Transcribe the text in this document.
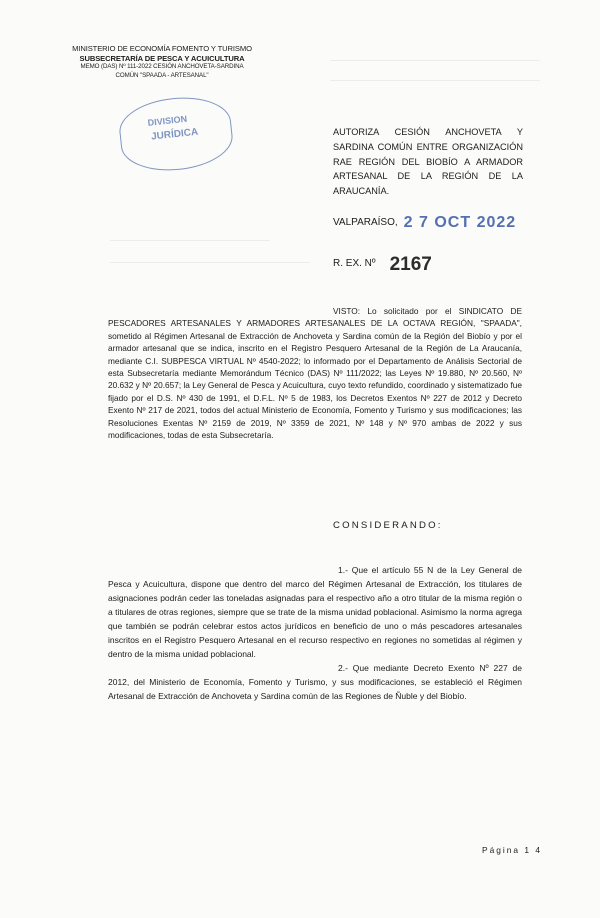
MINISTERIO DE ECONOMÍA FOMENTO Y TURISMO
SUBSECRETARÍA DE PESCA Y ACUICULTURA
MEMO (DAS) Nº 111-2022 CESIÓN ANCHOVETA-SARDINA
COMÚN "SPAADA - ARTESANAL"
DIVISION
JURÍDICA	AUTORIZA CESIÓN ANCHOVETA Y SARDINA COMÚN ENTRE ORGANIZACIÓN RAE REGIÓN DEL BIOBÍO A ARMADOR ARTESANAL DE LA REGIÓN DE LA ARAUCANÍA.
VALPARAÍSO, 2 7 OCT 2022
R. EX. Nº 2167
VISTO: Lo solicitado por el SINDICATO DE PESCADORES ARTESANALES Y ARMADORES ARTESANALES DE LA OCTAVA REGIÓN, "SPAADA", sometido al Régimen Artesanal de Extracción de Anchoveta y Sardina común de la Región del Biobío y por el armador artesanal que se indica, inscrito en el Registro Pesquero Artesanal de la Región de La Araucanía, mediante C.I. SUBPESCA VIRTUAL Nº 4540-2022; lo informado por el Departamento de Análisis Sectorial de esta Subsecretaría mediante Memorándum Técnico (DAS) Nº 111/2022; las Leyes Nº 19.880, Nº 20.560, Nº 20.632 y Nº 20.657; la Ley General de Pesca y Acuicultura, cuyo texto refundido, coordinado y sistematizado fue fijado por el D.S. Nº 430 de 1991, el D.F.L. Nº 5 de 1983, los Decretos Exentos Nº 227 de 2012 y Decreto Exento Nº 217 de 2021, todos del actual Ministerio de Economía, Fomento y Turismo y sus modificaciones; las Resoluciones Exentas Nº 2159 de 2019, Nº 3359 de 2021, Nº 148 y Nº 970 ambas de 2022 y sus modificaciones, todas de esta Subsecretaría.
CONSIDERANDO:
1.- Que el artículo 55 N de la Ley General de Pesca y Acuicultura, dispone que dentro del marco del Régimen Artesanal de Extracción, los titulares de asignaciones podrán ceder las toneladas asignadas para el respectivo año a otro titular de la misma región o a titulares de otras regiones, siempre que se trate de la misma unidad poblacional. Asimismo la norma agrega que también se podrán celebrar estos actos jurídicos en beneficio de uno o más pescadores artesanales inscritos en el Registro Pesquero Artesanal en el recurso respectivo en regiones no sometidas al régimen y dentro de la misma unidad poblacional.
2.- Que mediante Decreto Exento Nº 227 de 2012, del Ministerio de Economía, Fomento y Turismo, y sus modificaciones, se estableció el Régimen Artesanal de Extracción de Anchoveta y Sardina común de las Regiones de Ñuble y del Biobío.
Página 1 4
